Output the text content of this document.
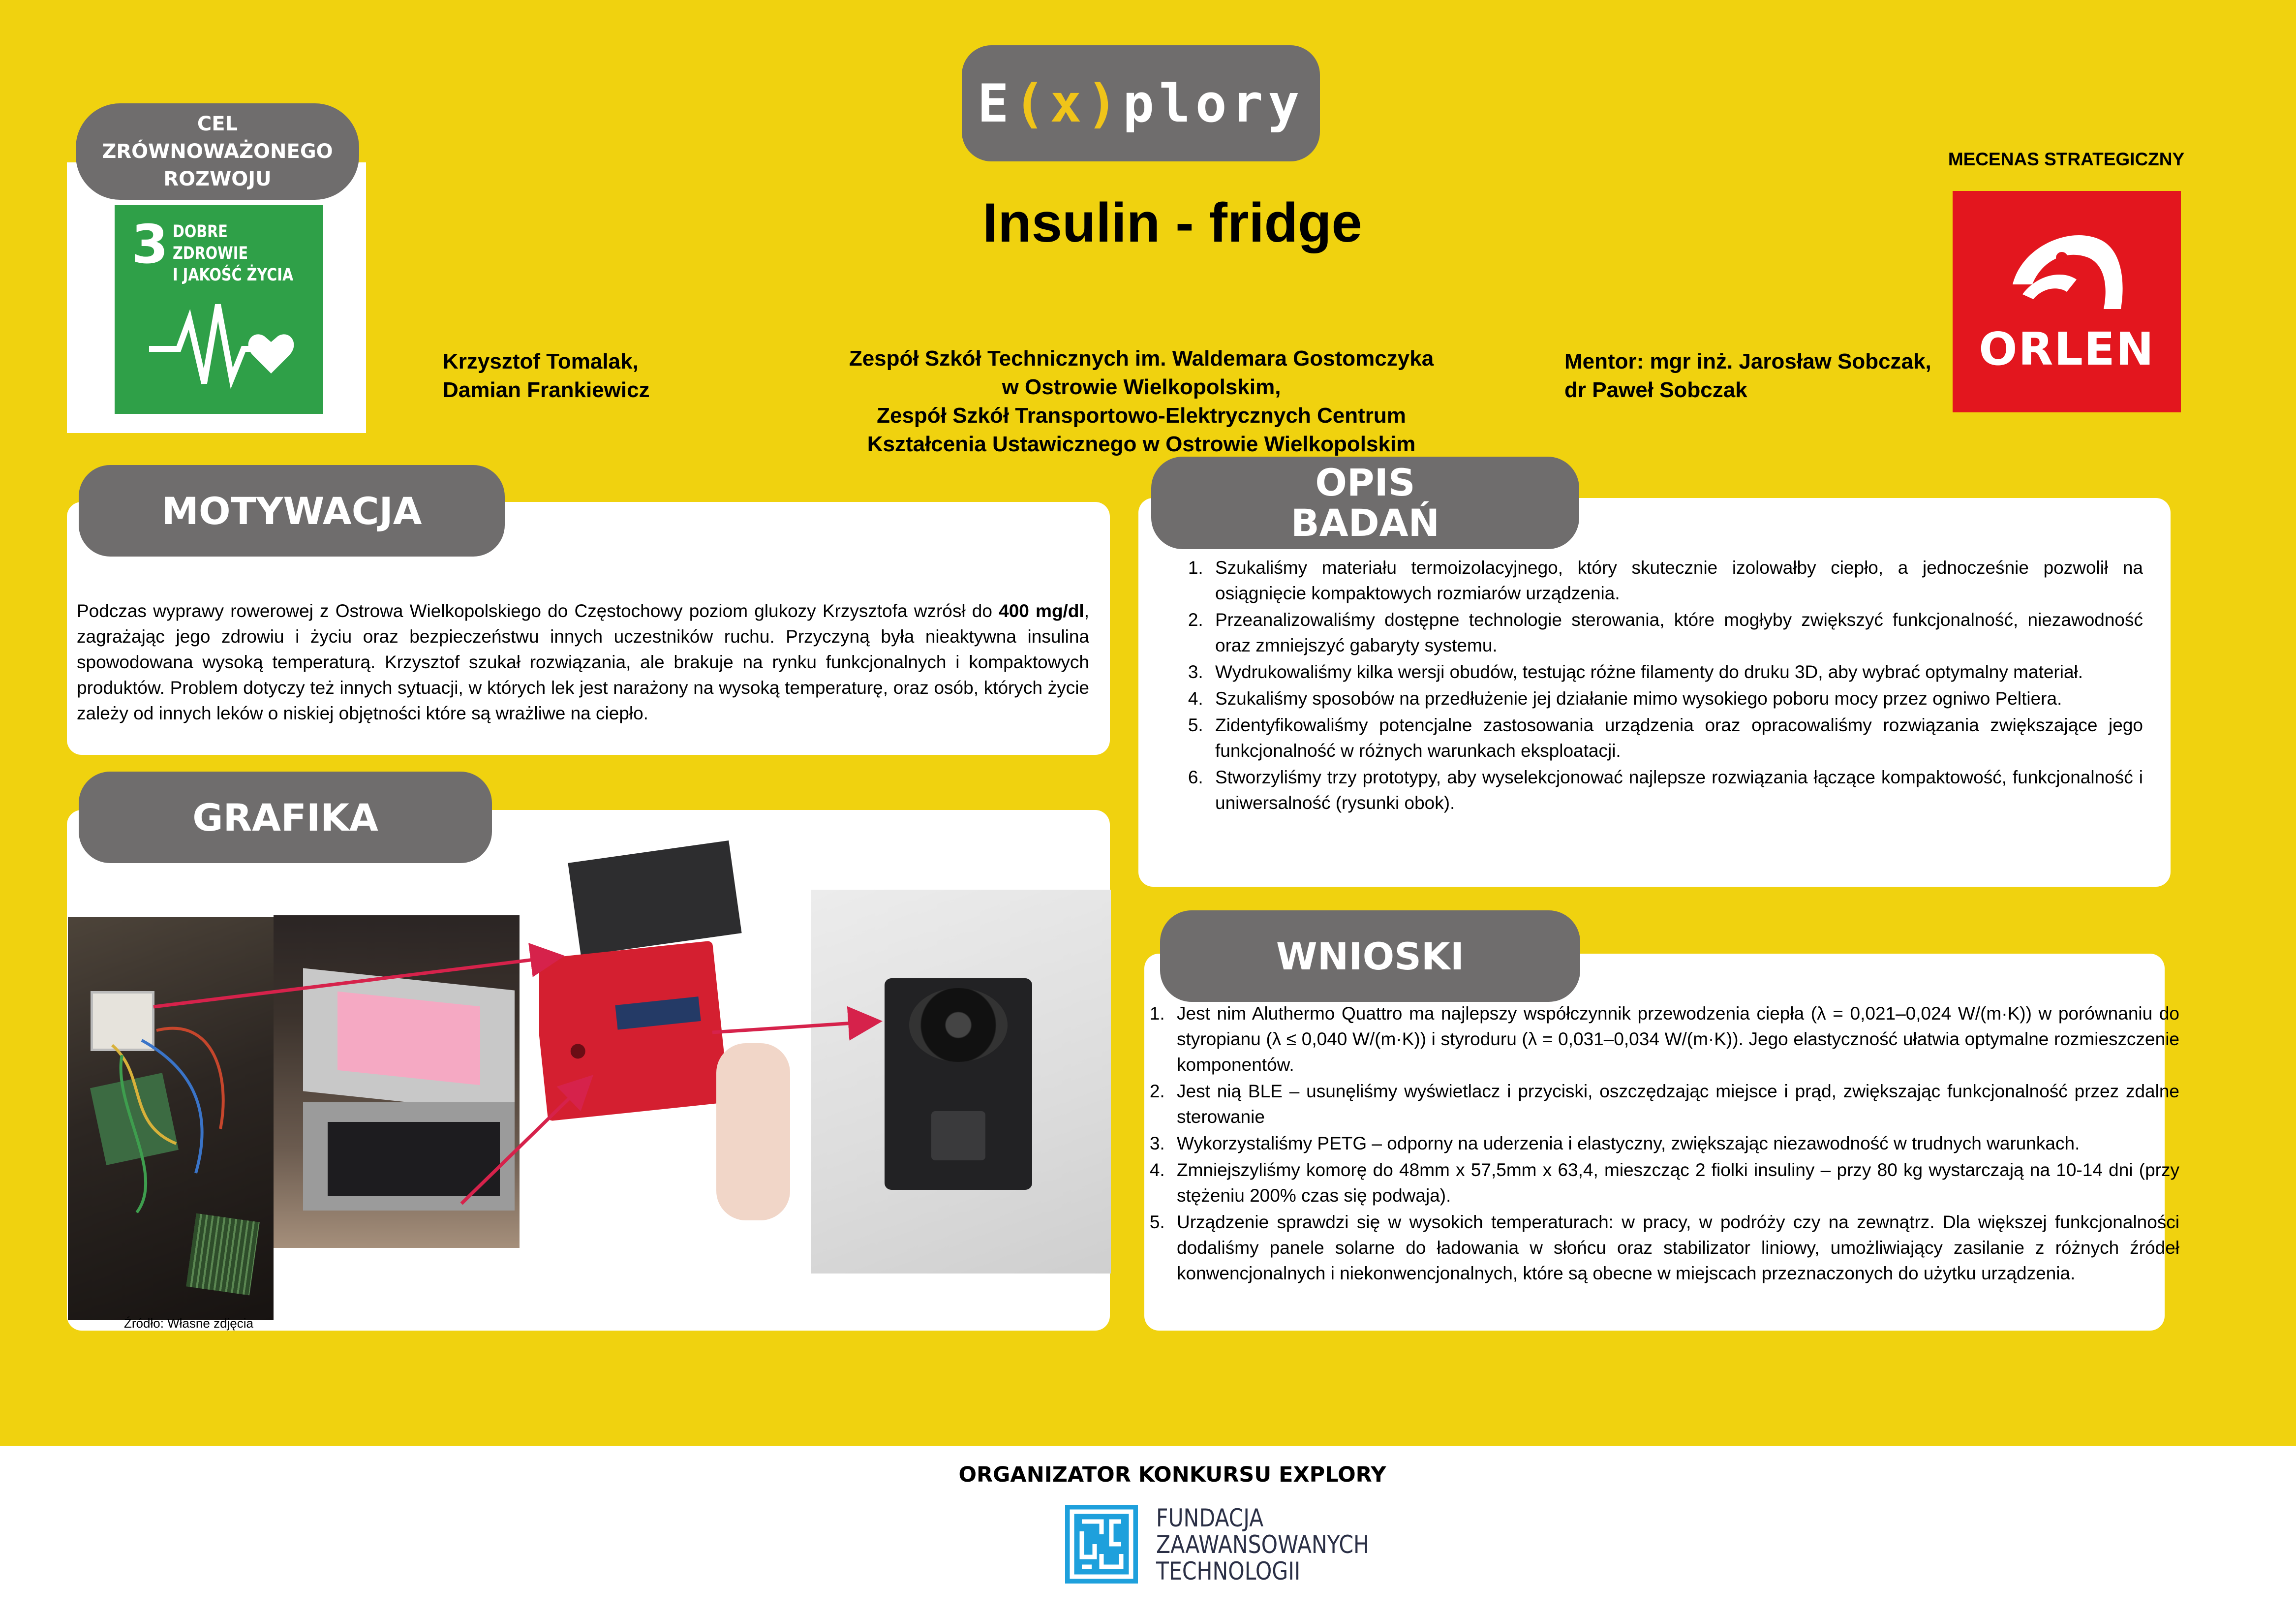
E ( x ) plory
Insulin - fridge
CEL
ZRÓWNOWAŻONEGO
ROZWOJU
3 DOBRE ZDROWIE
I JAKOŚĆ ŻYCIA
MECENAS STRATEGICZNY
ORLEN
Krzysztof Tomalak,
Damian Frankiewicz
Zespół Szkół Technicznych im. Waldemara Gostomczyka
w Ostrowie Wielkopolskim,
Zespół Szkół Transportowo-Elektrycznych Centrum
Kształcenia Ustawicznego w Ostrowie Wielkopolskim
Mentor: mgr inż. Jarosław Sobczak,
dr Paweł Sobczak
MOTYWACJA
Podczas wyprawy rowerowej z Ostrowa Wielkopolskiego do Częstochowy poziom glukozy Krzysztofa wzrósł do 400 mg/dl, zagrażając jego zdrowiu i życiu oraz bezpieczeństwu innych uczestników ruchu. Przyczyną była nieaktywna insulina spowodowana wysoką temperaturą. Krzysztof szukał rozwiązania, ale brakuje na rynku funkcjonalnych i kompaktowych produktów. Problem dotyczy też innych sytuacji, w których lek jest narażony na wysoką temperaturę, oraz osób, których życie zależy od innych leków o niskiej objętności które są wrażliwe na ciepło.
OPIS
BADAŃ
1. Szukaliśmy materiału termoizolacyjnego, który skutecznie izolowałby ciepło, a jednocześnie pozwolił na osiągnięcie kompaktowych rozmiarów urządzenia.
2. Przeanalizowaliśmy dostępne technologie sterowania, które mogłyby zwiększyć funkcjonalność, niezawodność oraz zmniejszyć gabaryty systemu.
3. Wydrukowaliśmy kilka wersji obudów, testując różne filamenty do druku 3D, aby wybrać optymalny materiał.
4. Szukaliśmy sposobów na przedłużenie jej działanie mimo wysokiego poboru mocy przez ogniwo Peltiera.
5. Zidentyfikowaliśmy potencjalne zastosowania urządzenia oraz opracowaliśmy rozwiązania zwiększające jego funkcjonalność w różnych warunkach eksploatacji.
6. Stworzyliśmy trzy prototypy, aby wyselekcjonować najlepsze rozwiązania łączące kompaktowość, funkcjonalność i uniwersalność (rysunki obok).
GRAFIKA
Źródło: Własne zdjęcia
WNIOSKI
1. Jest nim Aluthermo Quattro ma najlepszy współczynnik przewodzenia ciepła (λ = 0,021–0,024 W/(m·K)) w porównaniu do styropianu (λ ≤ 0,040 W/(m·K)) i styroduru (λ = 0,031–0,034 W/(m·K)). Jego elastyczność ułatwia optymalne rozmieszczenie komponentów.
2. Jest nią BLE – usunęliśmy wyświetlacz i przyciski, oszczędzając miejsce i prąd, zwiększając funkcjonalność przez zdalne sterowanie
3. Wykorzystaliśmy PETG – odporny na uderzenia i elastyczny, zwiększając niezawodność w trudnych warunkach.
4. Zmniejszyliśmy komorę do 48mm x 57,5mm x 63,4, mieszcząc 2 fiolki insuliny – przy 80 kg wystarczają na 10-14 dni (przy stężeniu 200% czas się podwaja).
5. Urządzenie sprawdzi się w wysokich temperaturach: w pracy, w podróży czy na zewnątrz. Dla większej funkcjonalności dodaliśmy panele solarne do ładowania w słońcu oraz stabilizator liniowy, umożliwiający zasilanie z różnych źródeł konwencjonalnych i niekonwencjonalnych, które są obecne w miejscach przeznaczonych do użytku urządzenia.
ORGANIZATOR KONKURSU EXPLORY
FUNDACJA
ZAAWANSOWANYCH
TECHNOLOGII
